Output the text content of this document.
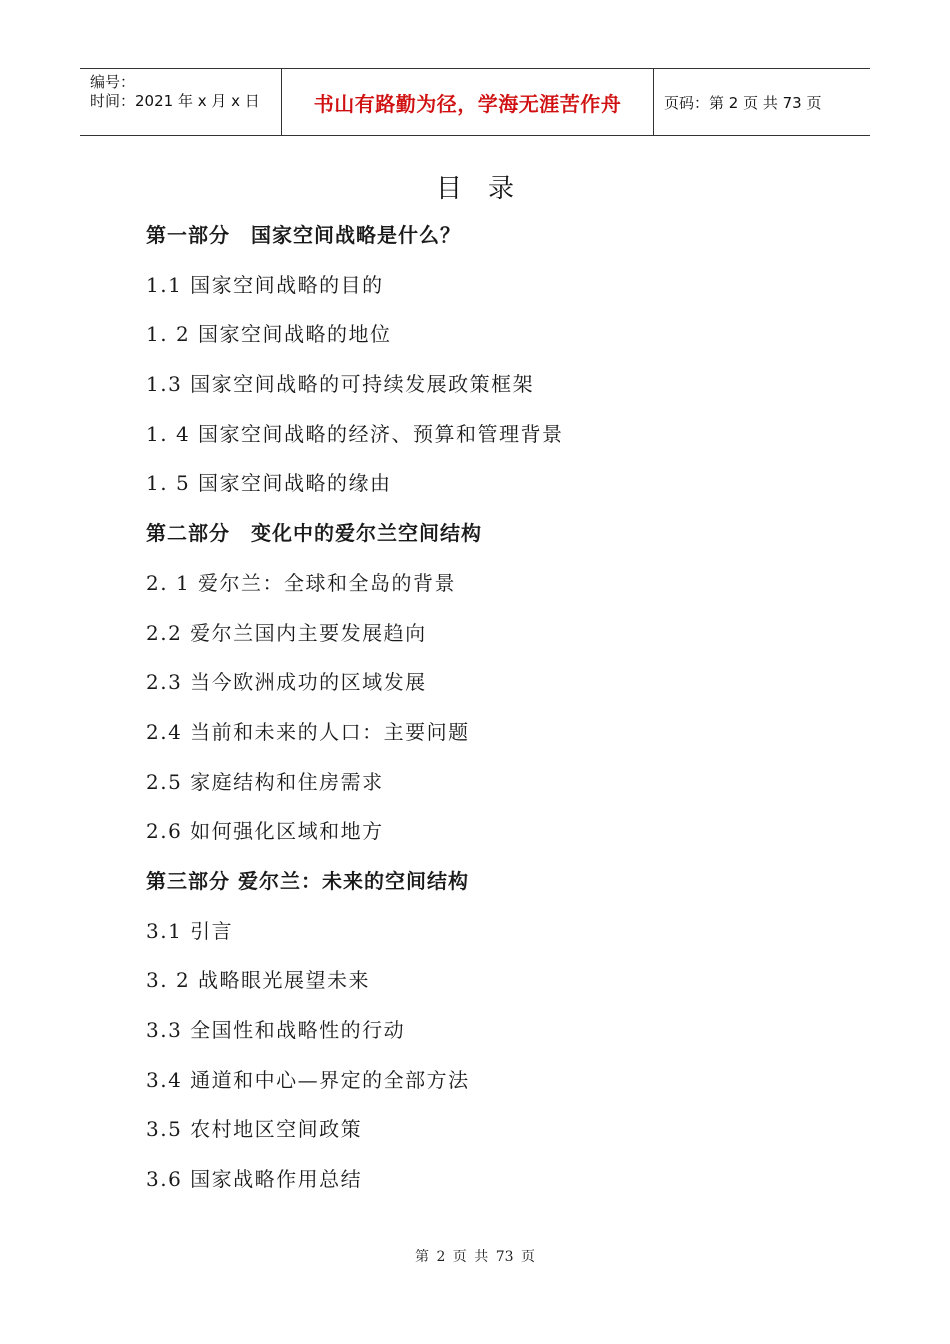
编号：
时间：2021 年 x 月 x 日	书山有路勤为径，学海无涯苦作舟	页码：第 2 页 共 73 页
目录
第一部分　国家空间战略是什么？
1.1 国家空间战略的目的
1. 2 国家空间战略的地位
1.3 国家空间战略的可持续发展政策框架
1. 4 国家空间战略的经济、预算和管理背景
1. 5 国家空间战略的缘由
第二部分　变化中的爱尔兰空间结构
2. 1 爱尔兰：全球和全岛的背景
2.2 爱尔兰国内主要发展趋向
2.3 当今欧洲成功的区域发展
2.4 当前和未来的人口：主要问题
2.5 家庭结构和住房需求
2.6 如何强化区域和地方
第三部分 爱尔兰：未来的空间结构
3.1 引言
3. 2 战略眼光展望未来
3.3 全国性和战略性的行动
3.4 通道和中心—界定的全部方法
3.5 农村地区空间政策
3.6 国家战略作用总结
第 2 页 共 73 页
